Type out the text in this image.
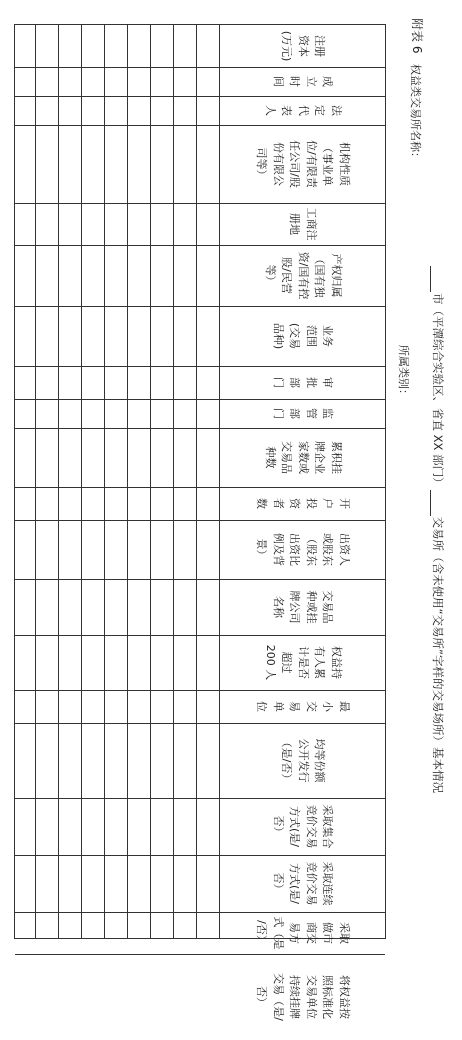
附表 6
市（平潭综合实验区、省直 XX 部门）交易所（含未使用“交易所”字样的交易场所）基本情况
权益类交易所名称：
所属类别：
注册
资本
(万元)
成
立
时
间
法
定
代
表
人
机构性质
（事业单
位/有限责
任公司/股
份有限公
司等）
工商注
册地
产权归属
（国有独
资/国有控
股/民营
等）
业务
范围
(交易
品种)
审
批
部
门
监
管
部
门
累积挂
牌企业
家数或
交易品
种数
开
户
投
资
者
数
出资人
或股东
（股东
出资比
例及背
景）
交易品
种或挂
牌公司
名称
权益持
有人累
计是否
超过
200 人
最
小
交
易
单
位
均等份额
公开发行
（是/否）
采取集合
竞价交易
方式(是/
否）
采取连续
竞价交易
方式(是/
否）
采取
做市
商交
易方
式（是
/否）
将权益按
照标准化
交易单位
持续挂牌
交易（是/
否）
